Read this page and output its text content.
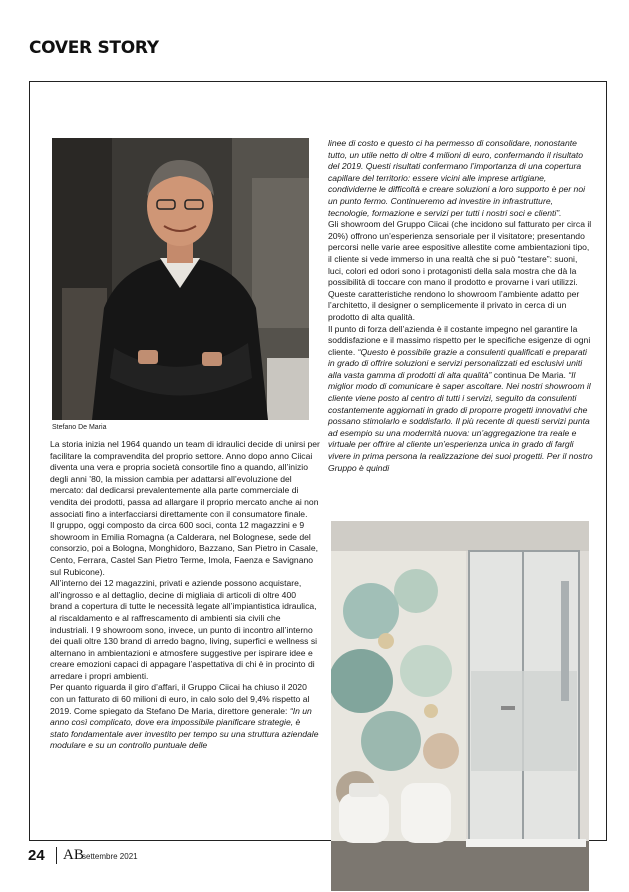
COVER STORY
Stefano De Maria

La storia inizia nel 1964 quando un team di idraulici decide di unirsi per facilitare la compravendita del proprio settore. Anno dopo anno Ciicai diventa una vera e propria società consortile fino a quando, all’inizio degli anni ’80, la mission cambia per adattarsi all’evoluzione del mercato: dal dedicarsi prevalentemente alla parte commerciale di vendita dei prodotti, passa ad allargare il proprio mercato anche ai non associati fino a interfacciarsi direttamente con il consumatore finale.

Il gruppo, oggi composto da circa 600 soci, conta 12 magazzini e 9 showroom in Emilia Romagna (a Calderara, nel Bolognese, sede del consorzio, poi a Bologna, Monghidoro, Bazzano, San Pietro in Casale, Cento, Ferrara, Castel San Pietro Terme, Imola, Faenza e Savignano sul Rubicone).

All’interno dei 12 magazzini, privati e aziende possono acquistare, all’ingrosso e al dettaglio, decine di migliaia di articoli di oltre 400 brand a copertura di tutte le necessità legate all’impiantistica idraulica, al riscaldamento e al raffrescamento di ambienti sia civili che industriali. I 9 showroom sono, invece, un punto di incontro all’interno dei quali oltre 130 brand di arredo bagno, living, superfici e wellness si alternano in ambientazioni e atmosfere suggestive per ispirare idee e creare emozioni capaci di appagare l’aspettativa di chi è in procinto di arredare i propri ambienti.

Per quanto riguarda il giro d’affari, il Gruppo Ciicai ha chiuso il 2020 con un fatturato di 60 milioni di euro, in calo solo del 9,4% rispetto al 2019. Come spiegato da Stefano De Maria, direttore generale: “In un anno così complicato, dove era impossibile pianificare strategie, è stato fondamentale aver investito per tempo su una struttura aziendale modulare e su un controllo puntuale delle

linee di costo e questo ci ha permesso di consolidare, nonostante tutto, un utile netto di oltre 4 milioni di euro, confermando il risultato del 2019. Questi risultati confermano l’importanza di una copertura capillare del territorio: essere vicini alle imprese artigiane, condividerne le difficoltà e creare soluzioni a loro supporto è per noi un punto fermo. Continueremo ad investire in infrastrutture, tecnologie, formazione e servizi per tutti i nostri soci e clienti”.

Gli showroom del Gruppo Ciicai (che incidono sul fatturato per circa il 20%) offrono un’esperienza sensoriale per il visitatore; presentando percorsi nelle varie aree espositive allestite come ambientazioni tipo, il cliente si vede immerso in una realtà che si può “testare”: suoni, luci, colori ed odori sono i protagonisti della sala mostra che dà la possibilità di toccare con mano il prodotto e provarne i vari utilizzi. Queste caratteristiche rendono lo showroom l’ambiente adatto per l’architetto, il designer o semplicemente il privato in cerca di un prodotto di alta qualità.

Il punto di forza dell’azienda è il costante impegno nel garantire la soddisfazione e il massimo rispetto per le specifiche esigenze di ogni cliente. “Questo è possibile grazie a consulenti qualificati e preparati in grado di offrire soluzioni e servizi personalizzati ed esclusivi uniti alla vasta gamma di prodotti di alta qualità” continua De Maria. “Il miglior modo di comunicare è saper ascoltare. Nei nostri showroom il cliente viene posto al centro di tutti i servizi, seguito da consulenti costantemente aggiornati in grado di proporre progetti innovativi che possano stimolarlo e soddisfarlo. Il più recente di questi servizi punta ad esempio su una modernità nuova: un’aggregazione tra reale e virtuale per offrire al cliente un’esperienza unica in grado di fargli vivere in prima persona la realizzazione dei suoi progetti. Per il nostro Gruppo è quindi

24	AB
settembre 2021
